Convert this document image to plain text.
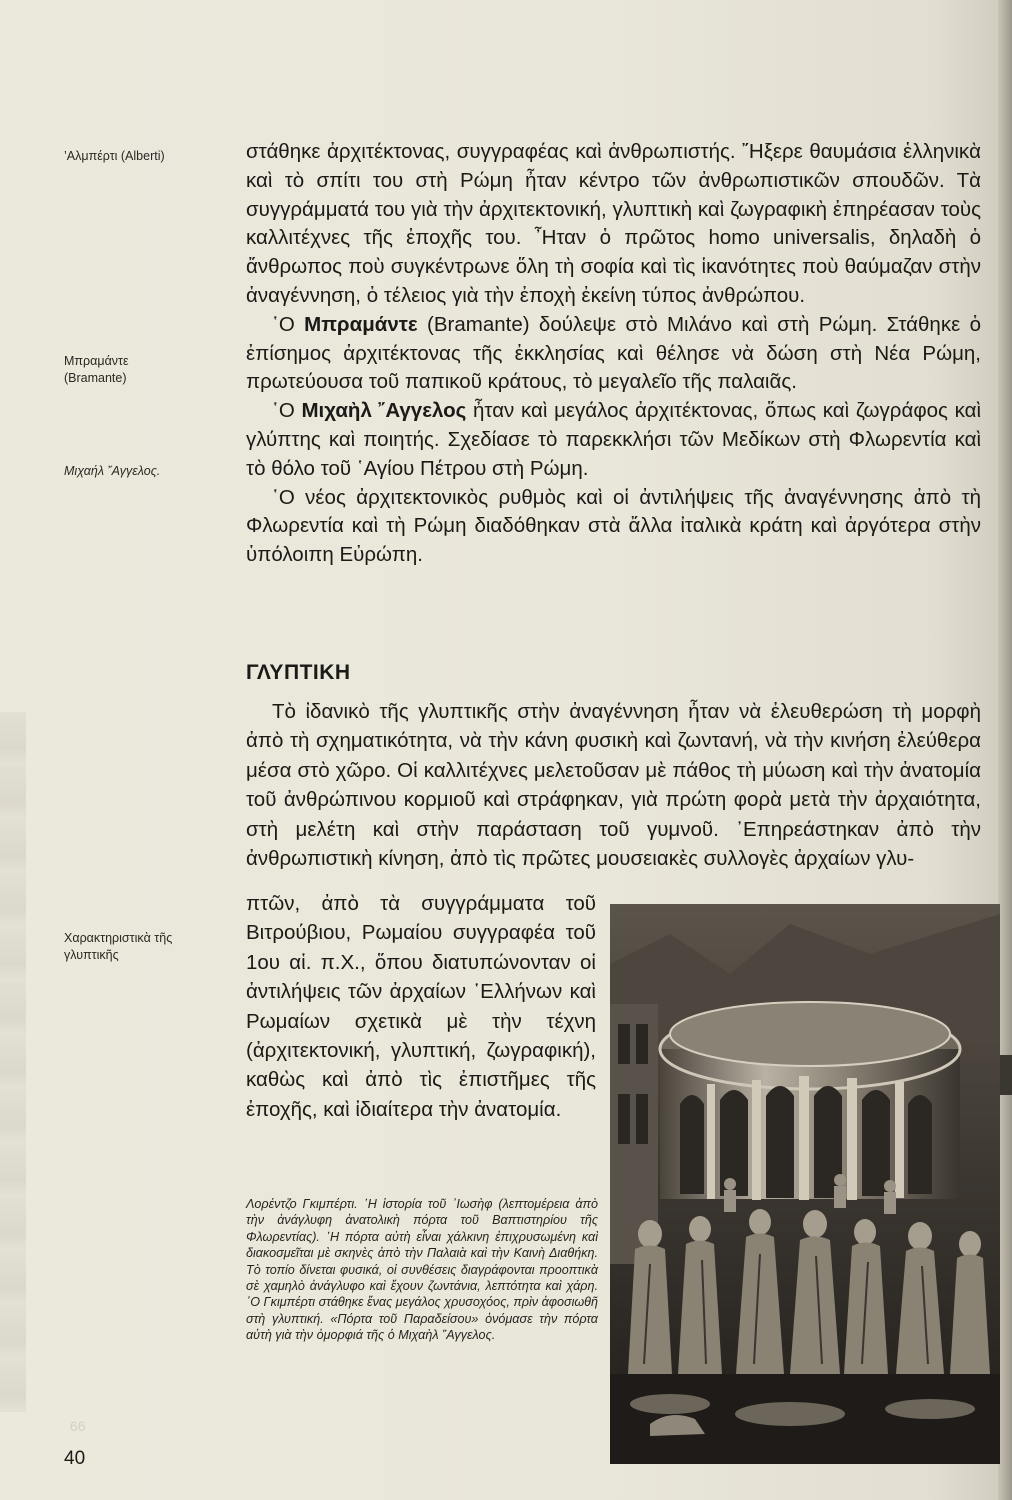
’Αλμπέρτι (Alberti)
Μπραμάντε
(Bramante)
Μιχαήλ ῎Αγγελος.
Χαρακτηριστικὰ τῆς
γλυπτικῆς

στάθηκε ἀρχιτέκτονας, συγγραφέας καὶ ἀνθρωπιστής. ῎Ηξερε θαυμάσια ἑλληνικὰ καὶ τὸ σπίτι του στὴ Ρώμη ἦταν κέντρο τῶν ἀνθρωπιστικῶν σπουδῶν. Τὰ συγγράμματά του γιὰ τὴν ἀρχιτεκτονική, γλυπτικὴ καὶ ζωγραφικὴ ἐπηρέασαν τοὺς καλλιτέχνες τῆς ἐποχῆς του. ῏Ηταν ὁ πρῶτος homo universalis, δηλαδὴ ὁ ἄνθρωπος ποὺ συγκέντρωνε ὅλη τὴ σοφία καὶ τὶς ἱκανότητες ποὺ θαύμαζαν στὴν ἀναγέννηση, ὁ τέλειος γιὰ τὴν ἐποχὴ ἐκείνη τύπος ἀνθρώπου.

῾Ο Μπραμάντε (Bramante) δούλεψε στὸ Μιλάνο καὶ στὴ Ρώμη. Στάθηκε ὁ ἐπίσημος ἀρχιτέκτονας τῆς ἐκκλησίας καὶ θέλησε νὰ δώση στὴ Νέα Ρώμη, πρωτεύουσα τοῦ παπικοῦ κράτους, τὸ μεγαλεῖο τῆς παλαιᾶς.

῾Ο Μιχαὴλ ῎Αγγελος ἦταν καὶ μεγάλος ἀρχιτέκτονας, ὅπως καὶ ζωγράφος καὶ γλύπτης καὶ ποιητής. Σχεδίασε τὸ παρεκκλήσι τῶν Μεδίκων στὴ Φλωρεντία καὶ τὸ θόλο τοῦ ῾Αγίου Πέτρου στὴ Ρώμη.

῾Ο νέος ἀρχιτεκτονικὸς ρυθμὸς καὶ οἱ ἀντιλήψεις τῆς ἀναγέννησης ἀπὸ τὴ Φλωρεντία καὶ τὴ Ρώμη διαδόθηκαν στὰ ἄλλα ἰταλικὰ κράτη καὶ ἀργότερα στὴν ὑπόλοιπη Εὐρώπη.

ΓΛΥΠΤΙΚΗ

Τὸ ἰδανικὸ τῆς γλυπτικῆς στὴν ἀναγέννηση ἦταν νὰ ἐλευθερώση τὴ μορφὴ ἀπὸ τὴ σχηματικότητα, νὰ τὴν κάνη φυσικὴ καὶ ζωντανή, νὰ τὴν κινήση ἐλεύθερα μέσα στὸ χῶρο. Οἱ καλλιτέχνες μελετοῦσαν μὲ πάθος τὴ μύωση καὶ τὴν ἀνατομία τοῦ ἀνθρώπινου κορμιοῦ καὶ στράφηκαν, γιὰ πρώτη φορὰ μετὰ τὴν ἀρχαιότητα, στὴ μελέτη καὶ στὴν παράσταση τοῦ γυμνοῦ. ᾿Επηρεάστηκαν ἀπὸ τὴν ἀνθρωπιστικὴ κίνηση, ἀπὸ τὶς πρῶτες μουσειακὲς συλλογὲς ἀρχαίων γλυ-

πτῶν, ἀπὸ τὰ συγγράμματα τοῦ Βιτρούβιου, Ρωμαίου συγγραφέα τοῦ 1ου αἱ. π.Χ., ὅπου διατυπώνονταν οἱ ἀντιλήψεις τῶν ἀρχαίων ῾Ελλήνων καὶ Ρωμαίων σχετικὰ μὲ τὴν τέχνη (ἀρχιτεκτονική, γλυπτική, ζωγραφική), καθὼς καὶ ἀπὸ τὶς ἐπιστῆμες τῆς ἐποχῆς, καὶ ἰδιαίτερα τὴν ἀνατομία.

Λορέντζο Γκιμπέρτι. ῾Η ἱστορία τοῦ ᾿Ιωσὴφ (λεπτομέρεια ἀπὸ τὴν ἀνάγλυφη ἀνατολικὴ πόρτα τοῦ Βαπτιστηρίου τῆς Φλωρεντίας). ῾Η πόρτα αὐτὴ εἶναι χάλκινη ἐπιχρυσωμένη καὶ διακοσμεῖται μὲ σκηνὲς ἀπὸ τὴν Παλαιὰ καὶ τὴν Καινὴ Διαθήκη. Τὸ τοπίο δίνεται φυσικά, οἱ συνθέσεις διαγράφονται προοπτικὰ σὲ χαμηλὸ ἀνάγλυφο καὶ ἔχουν ζωντάνια, λεπτότητα καὶ χάρη. ᾿Ο Γκιμπέρτι στάθηκε ἕνας μεγάλος χρυσοχόος, πρὶν ἀφοσιωθῆ στὴ γλυπτική. «Πόρτα τοῦ Παραδείσου» ὀνόμασε τὴν πόρτα αὐτὴ γιὰ τὴν ὀμορφιά τῆς ὁ Μιχαὴλ ῎Αγγελος.

66
40
